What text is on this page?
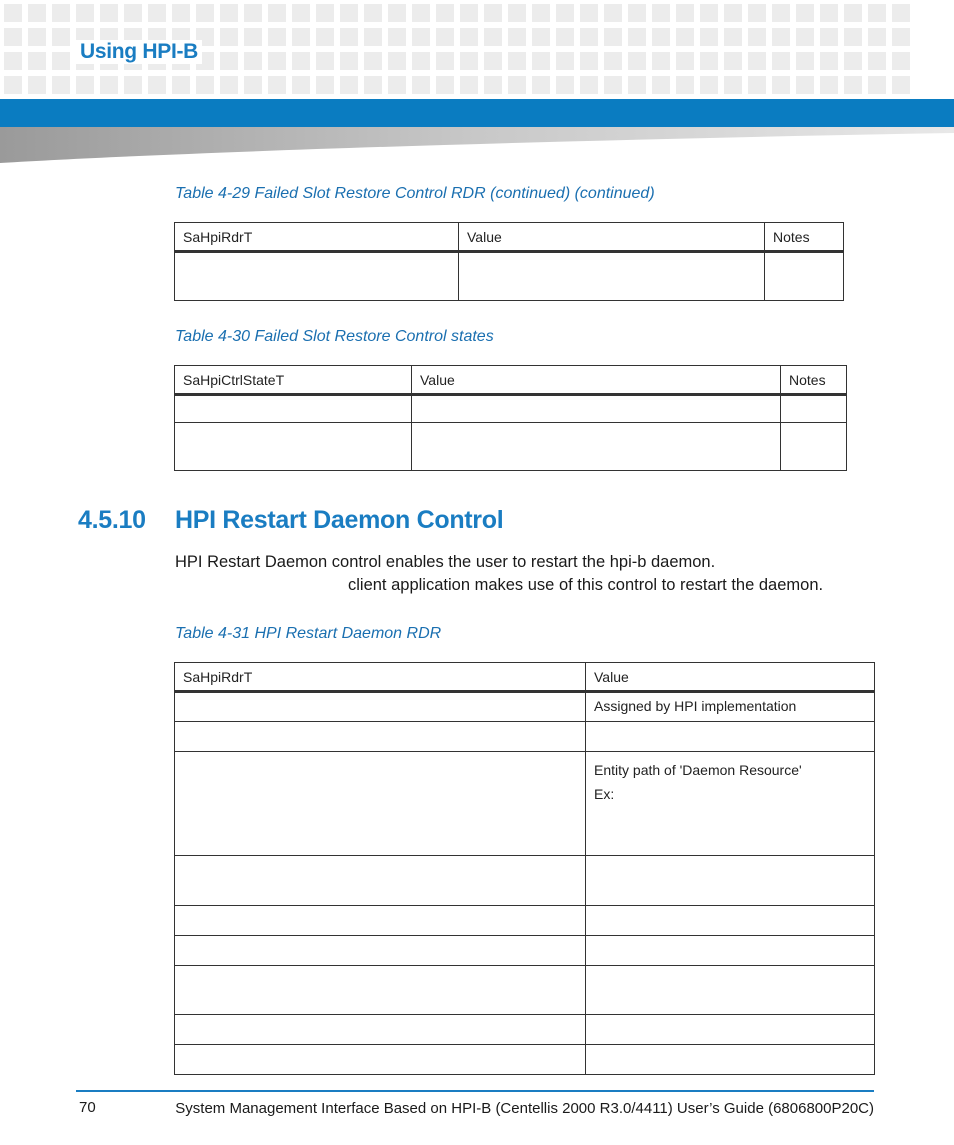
Using HPI-B
Table 4-29 Failed Slot Restore Control RDR (continued) (continued)
SaHpiRdrT	Value	Notes

Table 4-30 Failed Slot Restore Control states
SaHpiCtrlStateT	Value	Notes

4.5.10 HPI Restart Daemon Control
HPI Restart Daemon control enables the user to restart the hpi-b daemon.
client application makes use of this control to restart the daemon.
Table 4-31 HPI Restart Daemon RDR
SaHpiRdrT	Value
	Assigned by HPI implementation

	Entity path of 'Daemon Resource'
Ex:

70	System Management Interface Based on HPI-B (Centellis 2000 R3.0/4411) User’s Guide (6806800P20C)
